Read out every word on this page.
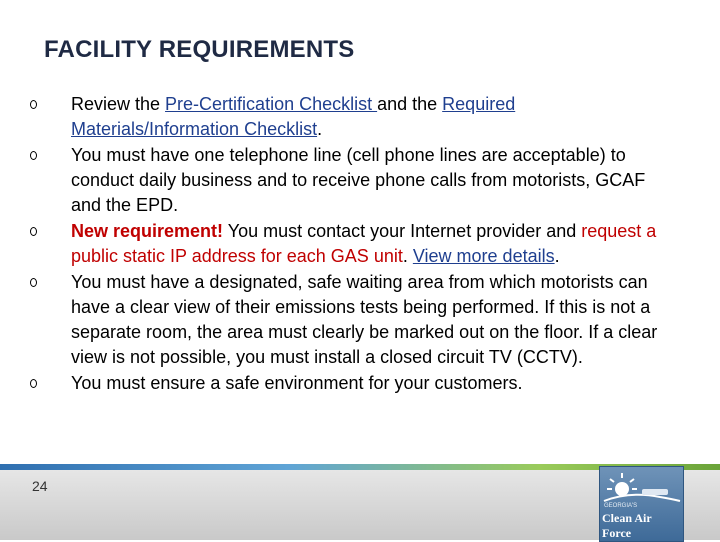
FACILITY REQUIREMENTS
Review the Pre-Certification Checklist and the Required Materials/Information Checklist.
You must have one telephone line (cell phone lines are acceptable) to conduct daily business and to receive phone calls from motorists, GCAF and the EPD.
New requirement! You must contact your Internet provider and request a public static IP address for each GAS unit. View more details.
You must have a designated, safe waiting area from which motorists can have a clear view of their emissions tests being performed. If this is not a separate room, the area must clearly be marked out on the floor. If a clear view is not possible, you must install a closed circuit TV (CCTV).
You must ensure a safe environment for your customers.
24
GEORGIA'S
Clean Air Force
